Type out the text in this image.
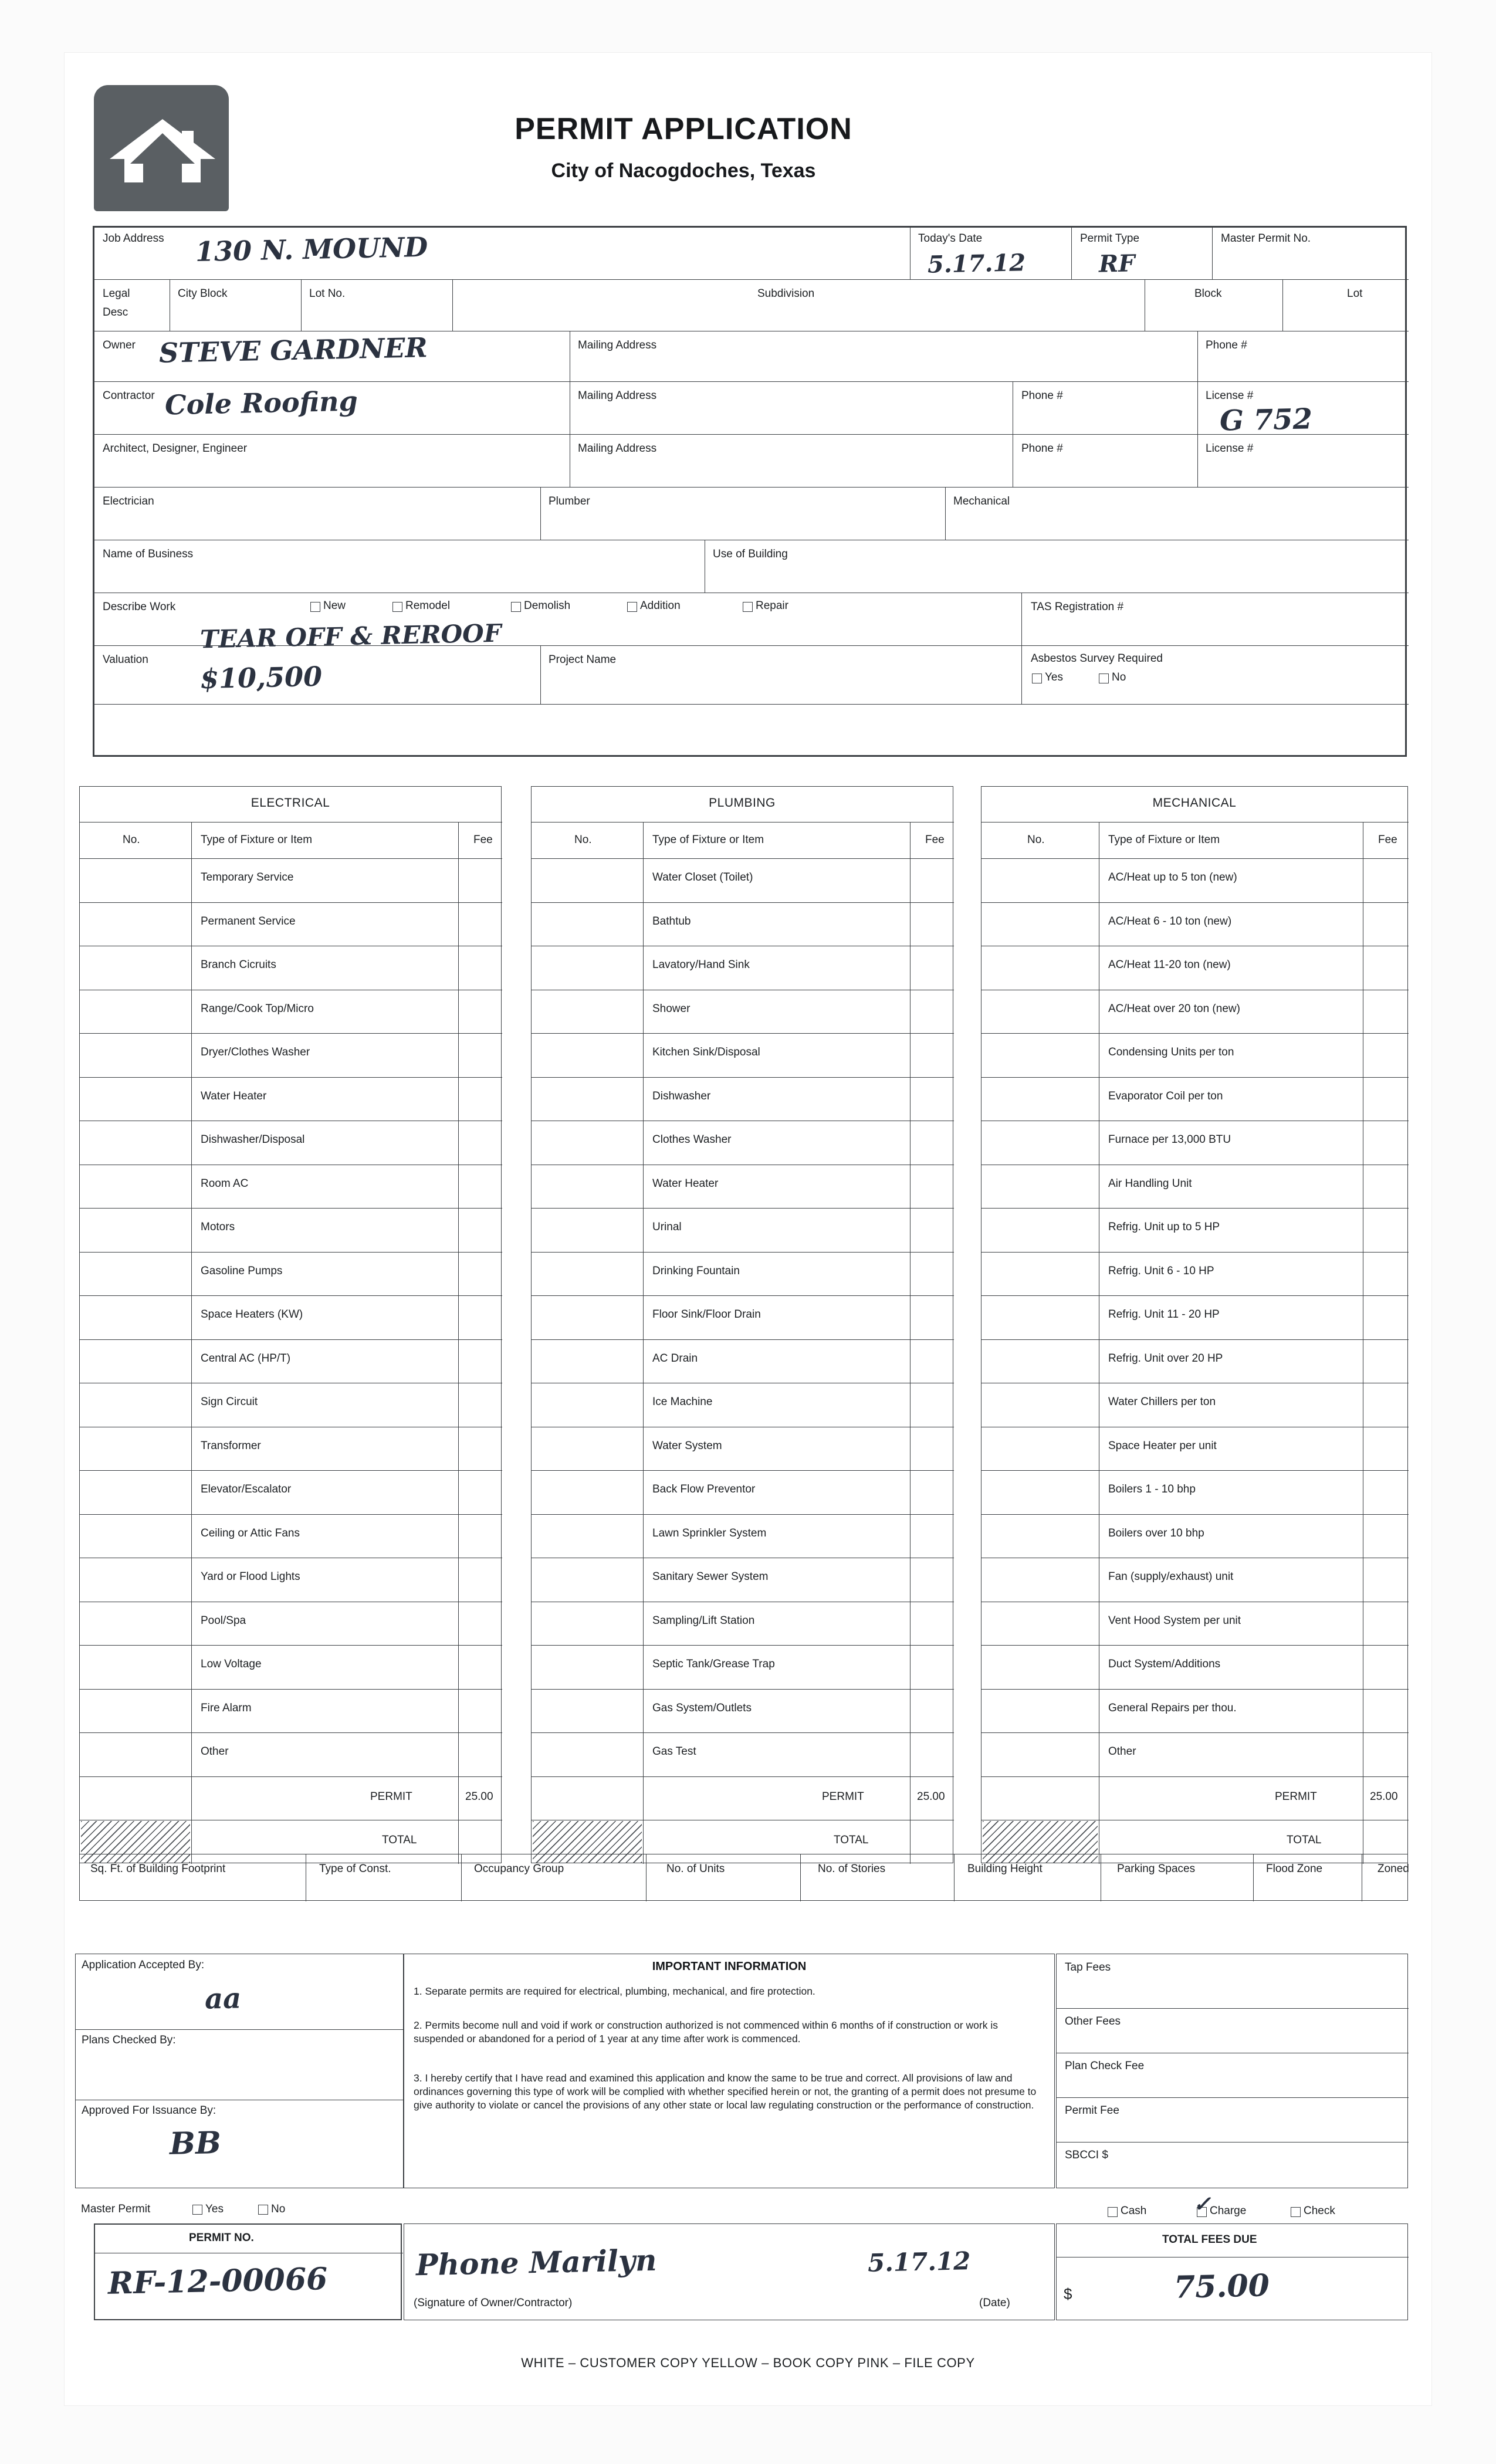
PERMIT APPLICATION
City of Nacogdoches, Texas
Job Address 130 N. MOUND	Today's Date
5.17.12
Permit Type
RF
Master Permit No.
Legal
Desc
City Block	Lot No.	Subdivision	Block	Lot
Owner STEVE GARDNER	Mailing Address	Phone #
Contractor Cole Roofing	Mailing Address	Phone #	License #
G 752
Architect, Designer, Engineer	Mailing Address	Phone #	License #
Electrician	Plumber	Mechanical
Name of Business	Use of Building
Describe Work	TAS Registration #
TEAR OFF & REROOF
New	Remodel	Demolish	Addition	Repair
Valuation
$10,500
Project Name	Asbestos Survey Required
Yes	No
ELECTRICAL
No.	Type of Fixture or Item	Fee
Temporary Service
Permanent Service
Branch Cicruits
Range/Cook Top/Micro
Dryer/Clothes Washer
Water Heater
Dishwasher/Disposal
Room AC
Motors
Gasoline Pumps
Space Heaters (KW)
Central AC (HP/T)
Sign Circuit
Transformer
Elevator/Escalator
Ceiling or Attic Fans
Yard or Flood Lights
Pool/Spa
Low Voltage
Fire Alarm
Other
PERMIT	25.00
TOTAL
PLUMBING
No.	Type of Fixture or Item	Fee
Water Closet (Toilet)
Bathtub
Lavatory/Hand Sink
Shower
Kitchen Sink/Disposal
Dishwasher
Clothes Washer
Water Heater
Urinal
Drinking Fountain
Floor Sink/Floor Drain
AC Drain
Ice Machine
Water System
Back Flow Preventor
Lawn Sprinkler System
Sanitary Sewer System
Sampling/Lift Station
Septic Tank/Grease Trap
Gas System/Outlets
Gas Test
PERMIT	25.00
TOTAL
MECHANICAL
No.	Type of Fixture or Item	Fee
AC/Heat up to 5 ton (new)
AC/Heat 6 - 10 ton (new)
AC/Heat 11-20 ton (new)
AC/Heat over 20 ton (new)
Condensing Units per ton
Evaporator Coil per ton
Furnace per 13,000 BTU
Air Handling Unit
Refrig. Unit up to 5 HP
Refrig. Unit 6 - 10 HP
Refrig. Unit 11 - 20 HP
Refrig. Unit over 20 HP
Water Chillers per ton
Space Heater per unit
Boilers 1 - 10 bhp
Boilers over 10 bhp
Fan (supply/exhaust) unit
Vent Hood System per unit
Duct System/Additions
General Repairs per thou.
Other
PERMIT	25.00
TOTAL
Sq. Ft. of Building Footprint	Type of Const.	Occupancy Group	No. of Units	No. of Stories	Building Height	Parking Spaces	Flood Zone	Zoned
Application Accepted By:
aa
Plans Checked By:
Approved For Issuance By:
BB
Master Permit	Yes	No
PERMIT NO.
RF-12-00066
IMPORTANT INFORMATION
1. Separate permits are required for electrical, plumbing, mechanical, and fire protection.
2. Permits become null and void if work or construction authorized is not commenced within 6 months of if construction or work is suspended or abandoned for a period of 1 year at any time after work is commenced.
3. I hereby certify that I have read and examined this application and know the same to be true and correct. All provisions of law and ordinances governing this type of work will be complied with whether specified herein or not, the granting of a permit does not presume to give authority to violate or cancel the provisions of any other state or local law regulating construction or the performance of construction.
Cash	Charge
✓	Check
Phone Marilyn	5.17.12
(Signature of Owner/Contractor)	(Date)
Tap Fees
Other Fees
Plan Check Fee
Permit Fee
SBCCI $
TOTAL FEES DUE
$	75.00
WHITE – CUSTOMER COPY YELLOW – BOOK COPY PINK – FILE COPY
